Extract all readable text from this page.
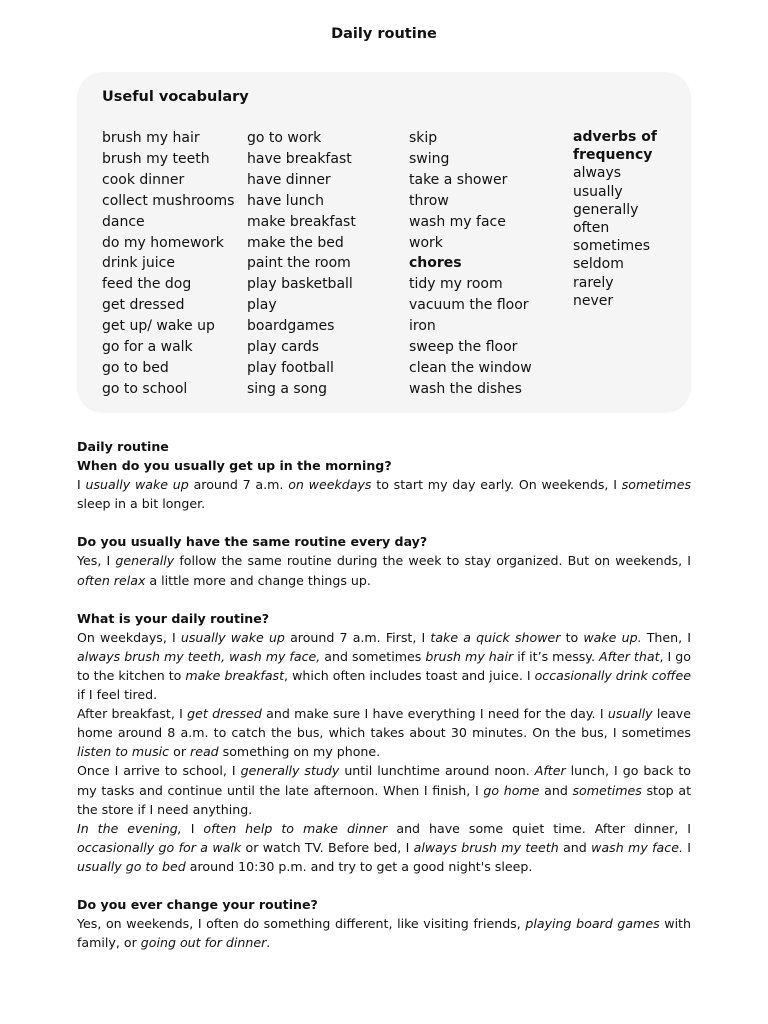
Daily routine
Useful vocabulary
brush my hair
brush my teeth
cook dinner
collect mushrooms
dance
do my homework
drink juice
feed the dog
get dressed
get up/ wake up
go for a walk
go to bed
go to school
go to work
have breakfast
have dinner
have lunch
make breakfast
make the bed
paint the room
play basketball
play
boardgames
play cards
play football
sing a song
skip
swing
take a shower
throw
wash my face
work
chores
tidy my room
vacuum the floor
iron
sweep the floor
clean the window
wash the dishes
adverbs of
frequency
always
usually
generally
often
sometimes
seldom
rarely
never

Daily routine

When do you usually get up in the morning?

I usually wake up around 7 a.m. on weekdays to start my day early. On weekends, I sometimes sleep in a bit longer.

Do you usually have the same routine every day?

Yes, I generally follow the same routine during the week to stay organized. But on weekends, I often relax a little more and change things up.

What is your daily routine?

On weekdays, I usually wake up around 7 a.m. First, I take a quick shower to wake up. Then, I always brush my teeth, wash my face, and sometimes brush my hair if it’s messy. After that, I go to the kitchen to make breakfast, which often includes toast and juice. I occasionally drink coffee if I feel tired.

After breakfast, I get dressed and make sure I have everything I need for the day. I usually leave home around 8 a.m. to catch the bus, which takes about 30 minutes. On the bus, I sometimes listen to music or read something on my phone.

Once I arrive to school, I generally study until lunchtime around noon. After lunch, I go back to my tasks and continue until the late afternoon. When I finish, I go home and sometimes stop at the store if I need anything.

In the evening, I often help to make dinner and have some quiet time. After dinner, I occasionally go for a walk or watch TV. Before bed, I always brush my teeth and wash my face. I usually go to bed around 10:30 p.m. and try to get a good night's sleep.

Do you ever change your routine?

Yes, on weekends, I often do something different, like visiting friends, playing board games with family, or going out for dinner.
